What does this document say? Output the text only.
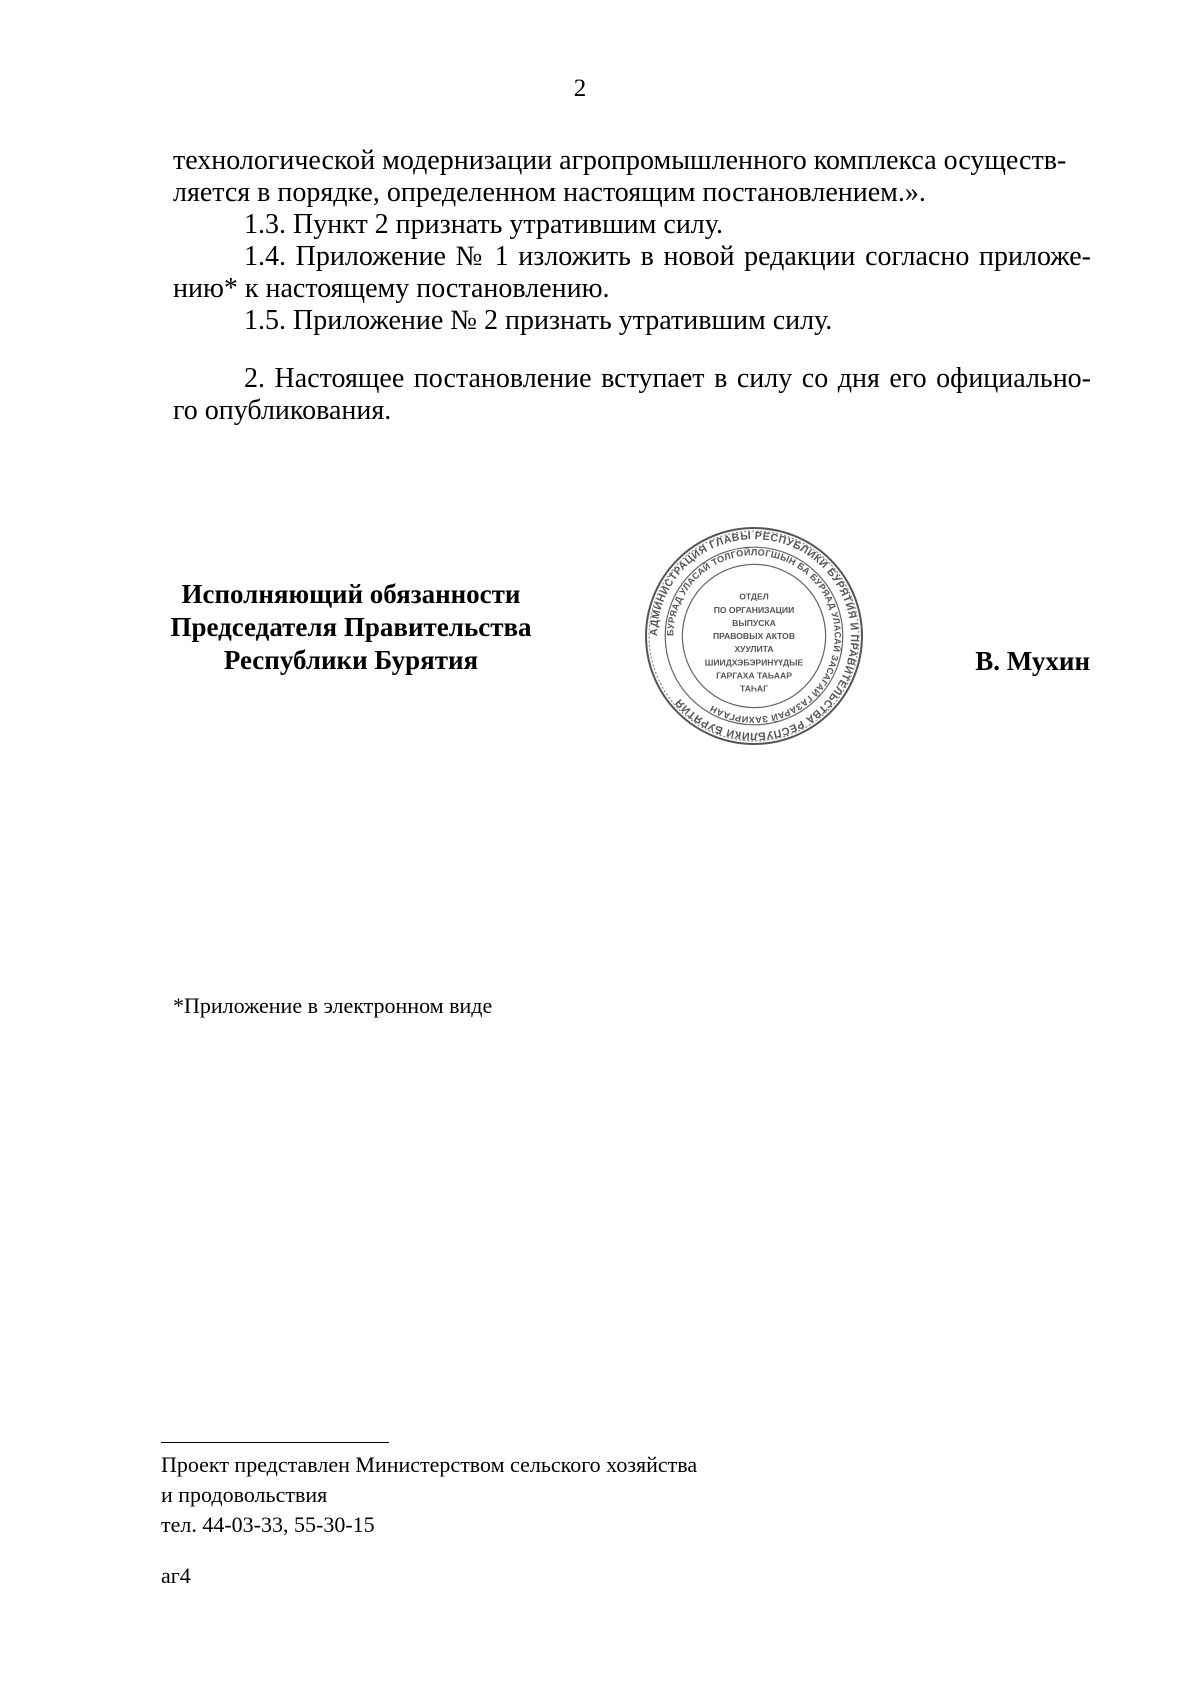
2

технологической модернизации агропромышленного комплекса осуществ-
ляется в порядке, определенном настоящим постановлением.».

1.3. Пункт 2 признать утратившим силу.

1.4. Приложение № 1 изложить в новой редакции согласно приложе-нию* к настоящему постановлению.

1.5. Приложение № 2 признать утратившим силу.

2. Настоящее постановление вступает в силу со дня его официально-го опубликования.

Исполняющий обязанности
Председателя Правительства
Республики Бурятия
АДМИНИСТРАЦИЯ ГЛАВЫ РЕСПУБЛИКИ БУРЯТИЯ И ПРАВИТЕЛЬСТВА РЕСПУБЛИКИ БУРЯТИЯ
БУРЯАД УЛАСАЙ ТОЛГОЙЛОГШЫН БА БУРЯАД УЛАСАЙ ЗАСАГАЙ ГАЗАРАЙ ЗАХИРГААН
ОТДЕЛ
ПО ОРГАНИЗАЦИИ
ВЫПУСКА
ПРАВОВЫХ АКТОВ
ХУУЛИТА
ШИИДХЭБЭРИНҮҮДЫЕ
ГАРГАХА ТАЬААР
ТАҺАГ
В. Мухин
*Приложение в электронном виде
Проект представлен Министерством сельского хозяйства
и продовольствия
тел. 44-03-33, 55-30-15
аг4
